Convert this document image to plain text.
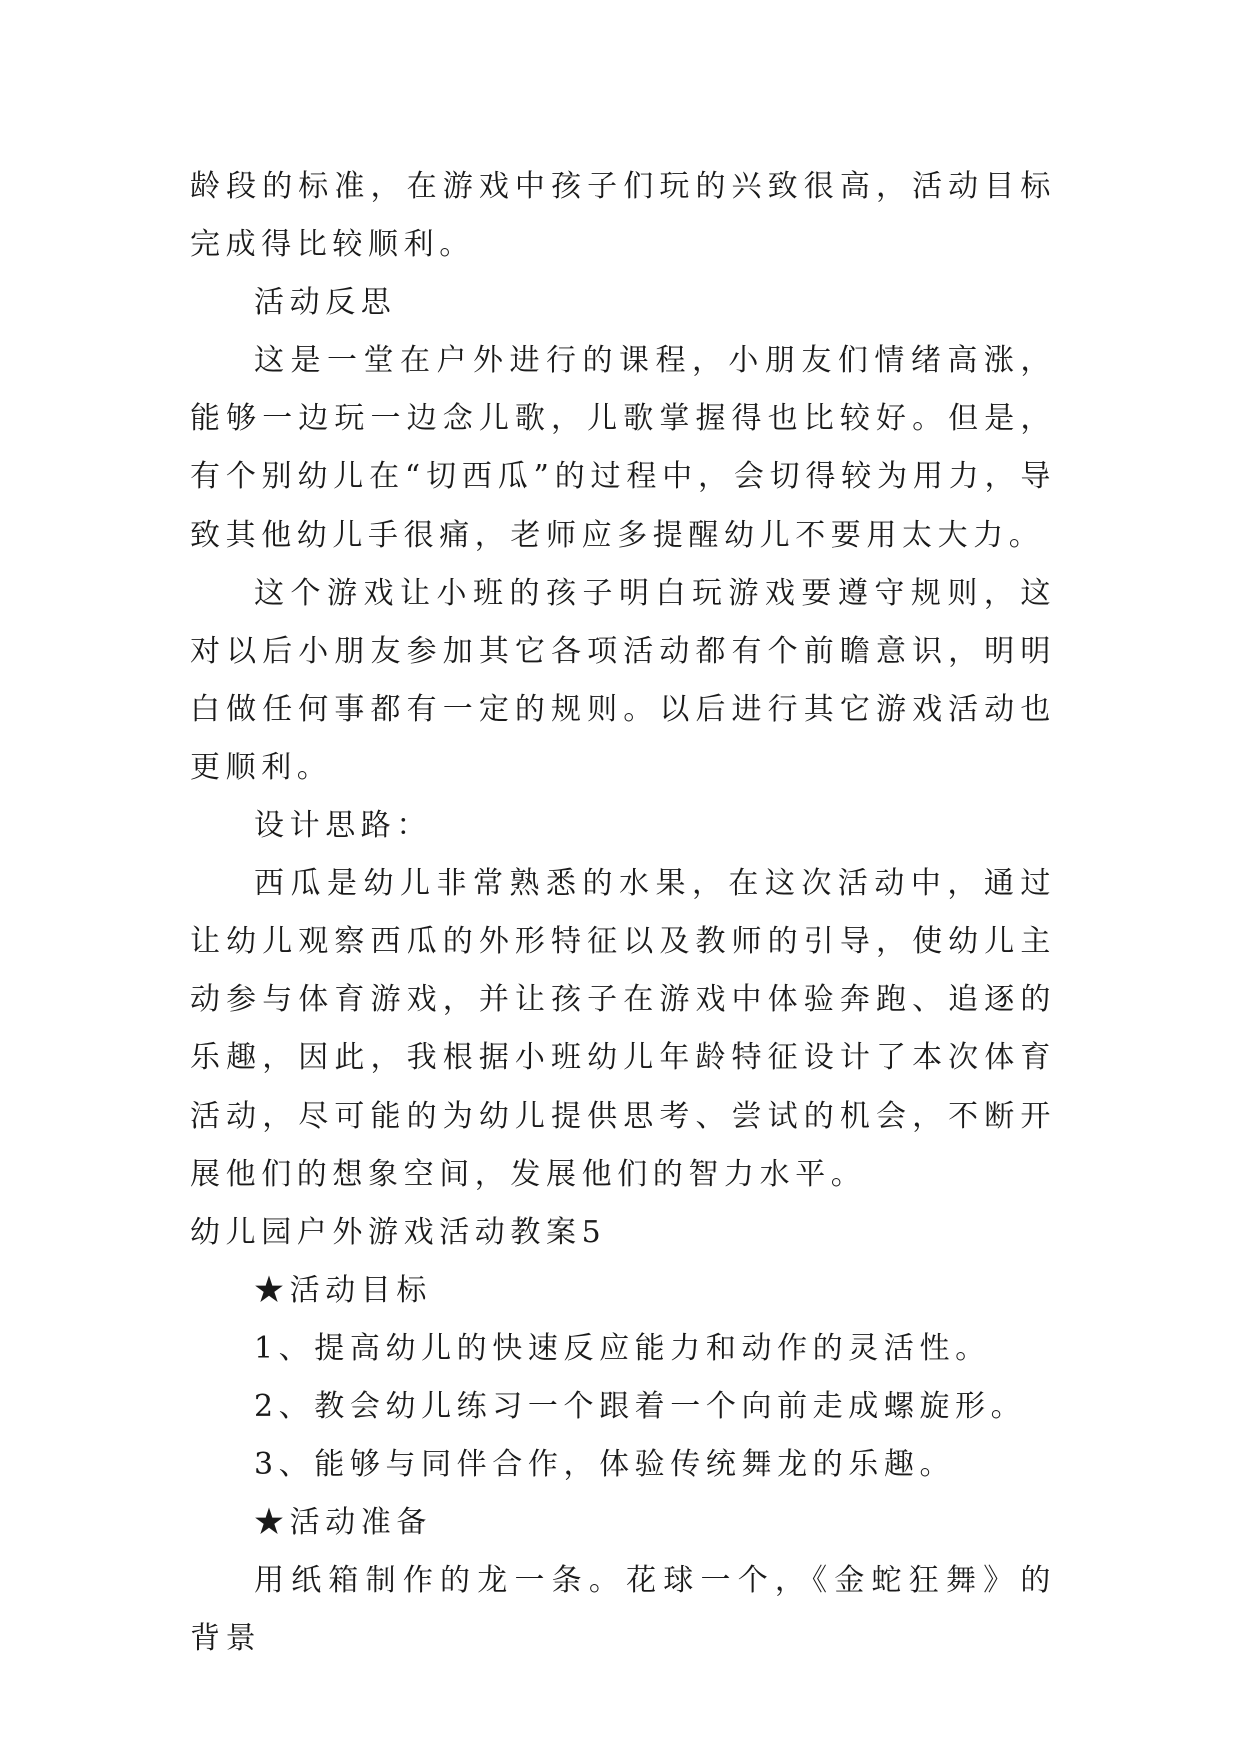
龄段的标准，在游戏中孩子们玩的兴致很高，活动目标完成得比较顺利。

活动反思

这是一堂在户外进行的课程，小朋友们情绪高涨，能够一边玩一边念儿歌，儿歌掌握得也比较好。但是，有个别幼儿在“切西瓜”的过程中，会切得较为用力，导致其他幼儿手很痛，老师应多提醒幼儿不要用太大力。

这个游戏让小班的孩子明白玩游戏要遵守规则，这对以后小朋友参加其它各项活动都有个前瞻意识，明明白做任何事都有一定的规则。以后进行其它游戏活动也更顺利。

设计思路：

西瓜是幼儿非常熟悉的水果，在这次活动中，通过让幼儿观察西瓜的外形特征以及教师的引导，使幼儿主动参与体育游戏，并让孩子在游戏中体验奔跑、追逐的乐趣，因此，我根据小班幼儿年龄特征设计了本次体育活动，尽可能的为幼儿提供思考、尝试的机会，不断开展他们的想象空间，发展他们的智力水平。

幼儿园户外游戏活动教案5

★活动目标

1、提高幼儿的快速反应能力和动作的灵活性。

2、教会幼儿练习一个跟着一个向前走成螺旋形。

3、能够与同伴合作，体验传统舞龙的乐趣。

★活动准备

用纸箱制作的龙一条。花球一个，《金蛇狂舞》的背景
